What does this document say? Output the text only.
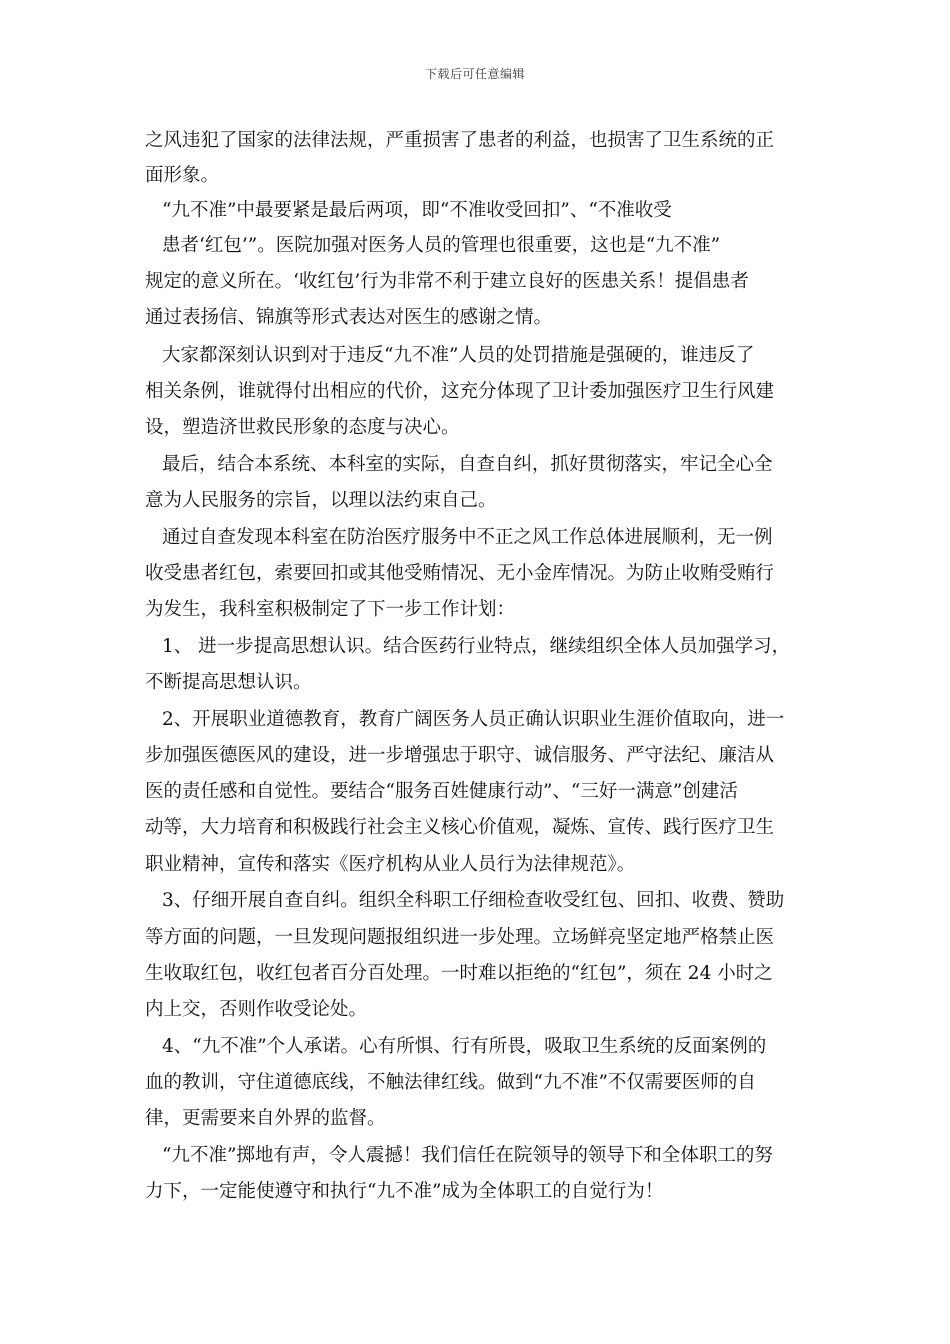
下载后可任意编辑
之风违犯了国家的法律法规，严重损害了患者的利益，也损害了卫生系统的正
面形象。
“九不准”中最要紧是最后两项，即“不准收受回扣”、“不准收受
患者‘红包’”。医院加强对医务人员的管理也很重要，这也是“九不准”
规定的意义所在。‘收红包’行为非常不利于建立良好的医患关系！提倡患者
通过表扬信、锦旗等形式表达对医生的感谢之情。
大家都深刻认识到对于违反“九不准”人员的处罚措施是强硬的，谁违反了
相关条例，谁就得付出相应的代价，这充分体现了卫计委加强医疗卫生行风建
设，塑造济世救民形象的态度与决心。
最后，结合本系统、本科室的实际，自查自纠，抓好贯彻落实，牢记全心全
意为人民服务的宗旨，以理以法约束自己。
通过自查发现本科室在防治医疗服务中不正之风工作总体进展顺利，无一例
收受患者红包，索要回扣或其他受贿情况、无小金库情况。为防止收贿受贿行
为发生，我科室积极制定了下一步工作计划：
1、 进一步提高思想认识。结合医药行业特点，继续组织全体人员加强学习，
不断提高思想认识。
2、开展职业道德教育，教育广阔医务人员正确认识职业生涯价值取向，进一
步加强医德医风的建设，进一步增强忠于职守、诚信服务、严守法纪、廉洁从
医的责任感和自觉性。要结合“服务百姓健康行动”、“三好一满意”创建活
动等，大力培育和积极践行社会主义核心价值观，凝炼、宣传、践行医疗卫生
职业精神，宣传和落实《医疗机构从业人员行为法律规范》。
3、仔细开展自查自纠。组织全科职工仔细检查收受红包、回扣、收费、赞助
等方面的问题，一旦发现问题报组织进一步处理。立场鲜亮坚定地严格禁止医
生收取红包，收红包者百分百处理。一时难以拒绝的“红包”，须在 24 小时之
内上交，否则作收受论处。
4、“九不准”个人承诺。心有所惧、行有所畏，吸取卫生系统的反面案例的
血的教训，守住道德底线，不触法律红线。做到“九不准”不仅需要医师的自
律，更需要来自外界的监督。
“九不准”掷地有声，令人震撼！我们信任在院领导的领导下和全体职工的努
力下，一定能使遵守和执行“九不准”成为全体职工的自觉行为！
